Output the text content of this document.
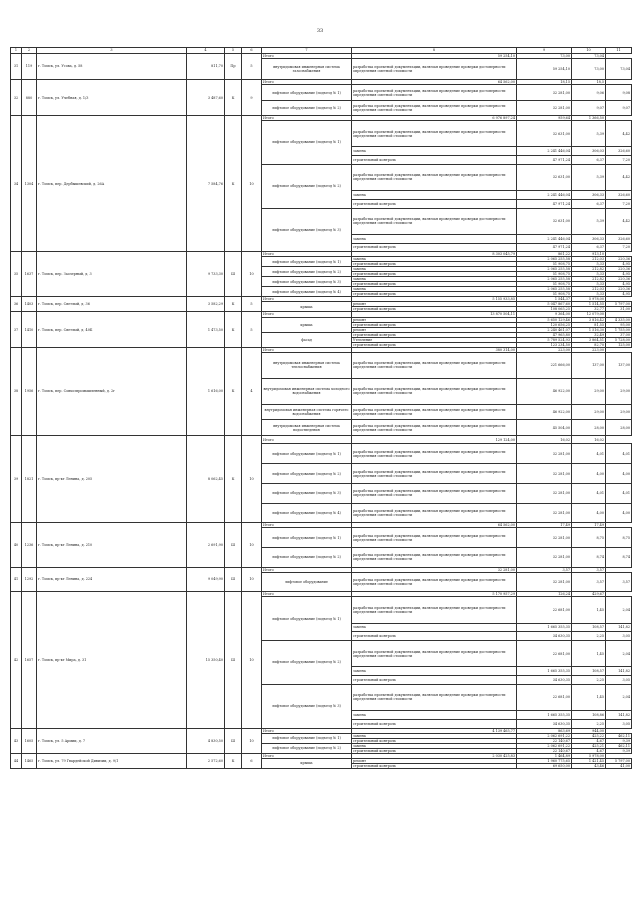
33
1	2	3	4	5	6	7	8	9	10	11
31	119	г. Томск, ул. Усова, д. 58	811,70	Пр	5	Итого	59 254,10	73,00	73,04	
						внутридомовая инженерная система газоснабжения	разработка проектной документации, включая проведение проверки достоверности определения сметной стоимости	59 254,10	73,00	73,04

32	880	г. Томск, ул. Учебная, д. 1/3	3 487,60	К	9	Итого	64 562,00	18,15	18,5	
						лифтовое оборудование (подъезд № 1)	разработка проектной документации, включая проведение проверки достоверности определения сметной стоимости	32 281,00	9,06	9,08

						лифтовое оборудование (подъезд № 2)	разработка проектной документации, включая проведение проверки достоверности определения сметной стоимости	32 281,00	9,07	9,07

34	1304	г. Томск, пер. Дербышевский, д. 26А	7 584,76	К	10	Итого	6 976 897,24	959,64	1 366,50	

						лифтовое оборудование (подъезд № 1)	разработка проектной документации, включая проведение проверки достоверности определения сметной стоимости	32 631,00	5,39	4,42

							замена	2 241 446,04	306,03	326,60

							строительный контроль	47 971,24	6,37	7,20

						лифтовое оборудование (подъезд № 2)	разработка проектной документации, включая проведение проверки достоверности определения сметной стоимости	32 631,00	5,39	4,42

							замена	2 241 446,04	306,33	326,60

							строительный контроль	47 971,24	6,37	7,20

						лифтовое оборудование (подъезд № 3)	разработка проектной документации, включая проведение проверки достоверности определения сметной стоимости	32 631,00	5,39	4,42

							замена	2 241 446,04	306,33	326,60

							строительный контроль	47 971,24	6,37	7,20

35	1637	г. Томск, пер. Заозерный, д. 3	9 733,30	Ш	10	Итого	8 303 045,79	861,22	913,10	

						лифтовое оборудование (подъезд № 1)	замена	2 065 255,58	212,03	220,36

							строительный контроль	51 908,75	5,33	4,95

						лифтовое оборудование (подъезд № 2)	замена	2 065 255,58	212,82	220,36

							строительный контроль	51 908,75	5,33	4,95

						лифтовое оборудование (подъезд № 3)	замена	2 065 255,58	212,82	220,36
							строительный контроль	51 908,75	5,33	4,95
						лифтовое оборудование (подъезд № 4)	замена	2 065 255,58	212,03	220,36

							строительный контроль	51 908,75	5,33	4,95

36	1403	г. Томск, пер. Светлый, д. 36	3 582,29	К	5	Итого	5 155 933,85	1 544,37	5 978,00	

						крыша	ремонт	5 047 867,60	1 514,55	5 797,00

							строительный контроль	108 065,25	32,77	31,00

37	1410	г. Томск, пер. Светлый, д. 40Б	1 473,50	К	5	Итого	13 870 504,11	9 364,00	12 079,00	

						крыша	ремонт	5 650 129,46	3 816,42	4 335,00

							строительный контроль	120 656,25	81,55	95,00

							ремонт	2 240 461,07	1 516,30	1 755,00

						фасад	строительный контроль	47 965,80	32,49	37,00

							Утепление	5 789 524,93	3 864,51	5 728,00

							строительный контроль	123 234,50	82,70	125,00

38	1956	г. Томск, пер. Совхозпромышленный, д. 2г	1 616,00	К	4	Итого	380 314,00	223,00	223,00	

						внутридомовая инженерная система теплоснабжения	разработка проектной документации, включая проведение проверки достоверности определения сметной стоимости	221 666,00	137,00	137,00

						внутридомовая инженерная система холодного водоснабжения	разработка проектной документации, включая проведение проверки достоверности определения сметной стоимости	46 922,00	29,00	29,00

						внутридомовая инженерная система горячего водоснабжения	разработка проектной документации, включая проведение проверки достоверности определения сметной стоимости	46 922,00	29,00	29,00

						внутридомовая инженерная система водоотведения	разработка проектной документации, включая проведение проверки достоверности определения сметной стоимости	45 504,00	28,00	28,00

39	1821	г. Томск, пр-кт Ленина, д. 205	8 062,45	К	10	Итого	129 124,00	16,02	16,02	

						лифтовое оборудование (подъезд № 1)	разработка проектной документации, включая проведение проверки достоверности определения сметной стоимости	32 281,00	4,01	4,01

						лифтовое оборудование (подъезд № 2)	разработка проектной документации, включая проведение проверки достоверности определения сметной стоимости	32 281,00	4,00	4,00

						лифтовое оборудование (подъезд № 3)	разработка проектной документации, включая проведение проверки достоверности определения сметной стоимости	32 281,00	4,01	4,01

						лифтовое оборудование (подъезд № 4)	разработка проектной документации, включая проведение проверки достоверности определения сметной стоимости	32 281,00	4,00	4,00

40	1236	г. Томск, пр-кт Ленина, д. 210	2 691,90	Ш	10	Итого	64 562,00	17,49	17,49	

						лифтовое оборудование (подъезд № 1)	разработка проектной документации, включая проведение проверки достоверности определения сметной стоимости	32 281,00	8,75	8,75

						лифтовое оборудование (подъезд № 2)	разработка проектной документации, включая проведение проверки достоверности определения сметной стоимости	32 281,00	8,74	8,74

41	1292	г. Томск, пр-кт Ленина, д. 224	9 049,90	Ш	10	Итого	32 281,00	3,57	3,57	

						лифтовое оборудование	разработка проектной документации, включая проведение проверки достоверности определения сметной стоимости	32 281,00	3,57	3,57

42	1657	г. Томск, пр-кт Мира, д. 31	15 350,40	Ш	10	Итого	5 170 957,29	126,24	429,67	

						лифтовое оборудование (подъезд № 1)	разработка проектной документации, включая проведение проверки достоверности определения сметной стоимости	22 681,00	1,45	2,04

							замена	1 665 355,35	108,57	141,82

							строительный контроль	34 630,35	2,25	3,05

						лифтовое оборудование (подъезд № 2)	разработка проектной документации, включая проведение проверки достоверности определения сметной стоимости	22 681,00	1,45	2,04

							замена	1 665 355,35	108,57	141,82

							строительный контроль	34 630,35	2,25	3,05

						лифтовое оборудование (подъезд № 3)	разработка проектной документации, включая проведение проверки достоверности определения сметной стоимости	22 681,00	1,45	2,04

							замена	1 665 355,35	108,86	141,82

							строительный контроль	34 630,35	2,25	3,05

43	1605	г. Томск, ул. 5 Армии, д. 7	4 830,50	Ш	10	Итого	4 139 465,77	863,69	944,00	

						лифтовое оборудование (подъезд № 1)	замена	2 062 691,22	425,22	462,11
							строительный контроль	22 140,67	4,67	9,39
						лифтовое оборудование (подъезд № 2)	замена	2 062 691,22	425,21	462,11

							строительный контроль	22 140,67	4,67	9,39

44	1465	г. Томск, ул. 79 Гвардейской Дивизии, д. 9/1	2 572,60	К	6	Итого	2 030 425,83	1 464,89	5 978,00	

						крыша	ремонт	1 960 775,65	1 421,45	5 797,00

							строительный контроль	69 650,00	43,46	41,00
